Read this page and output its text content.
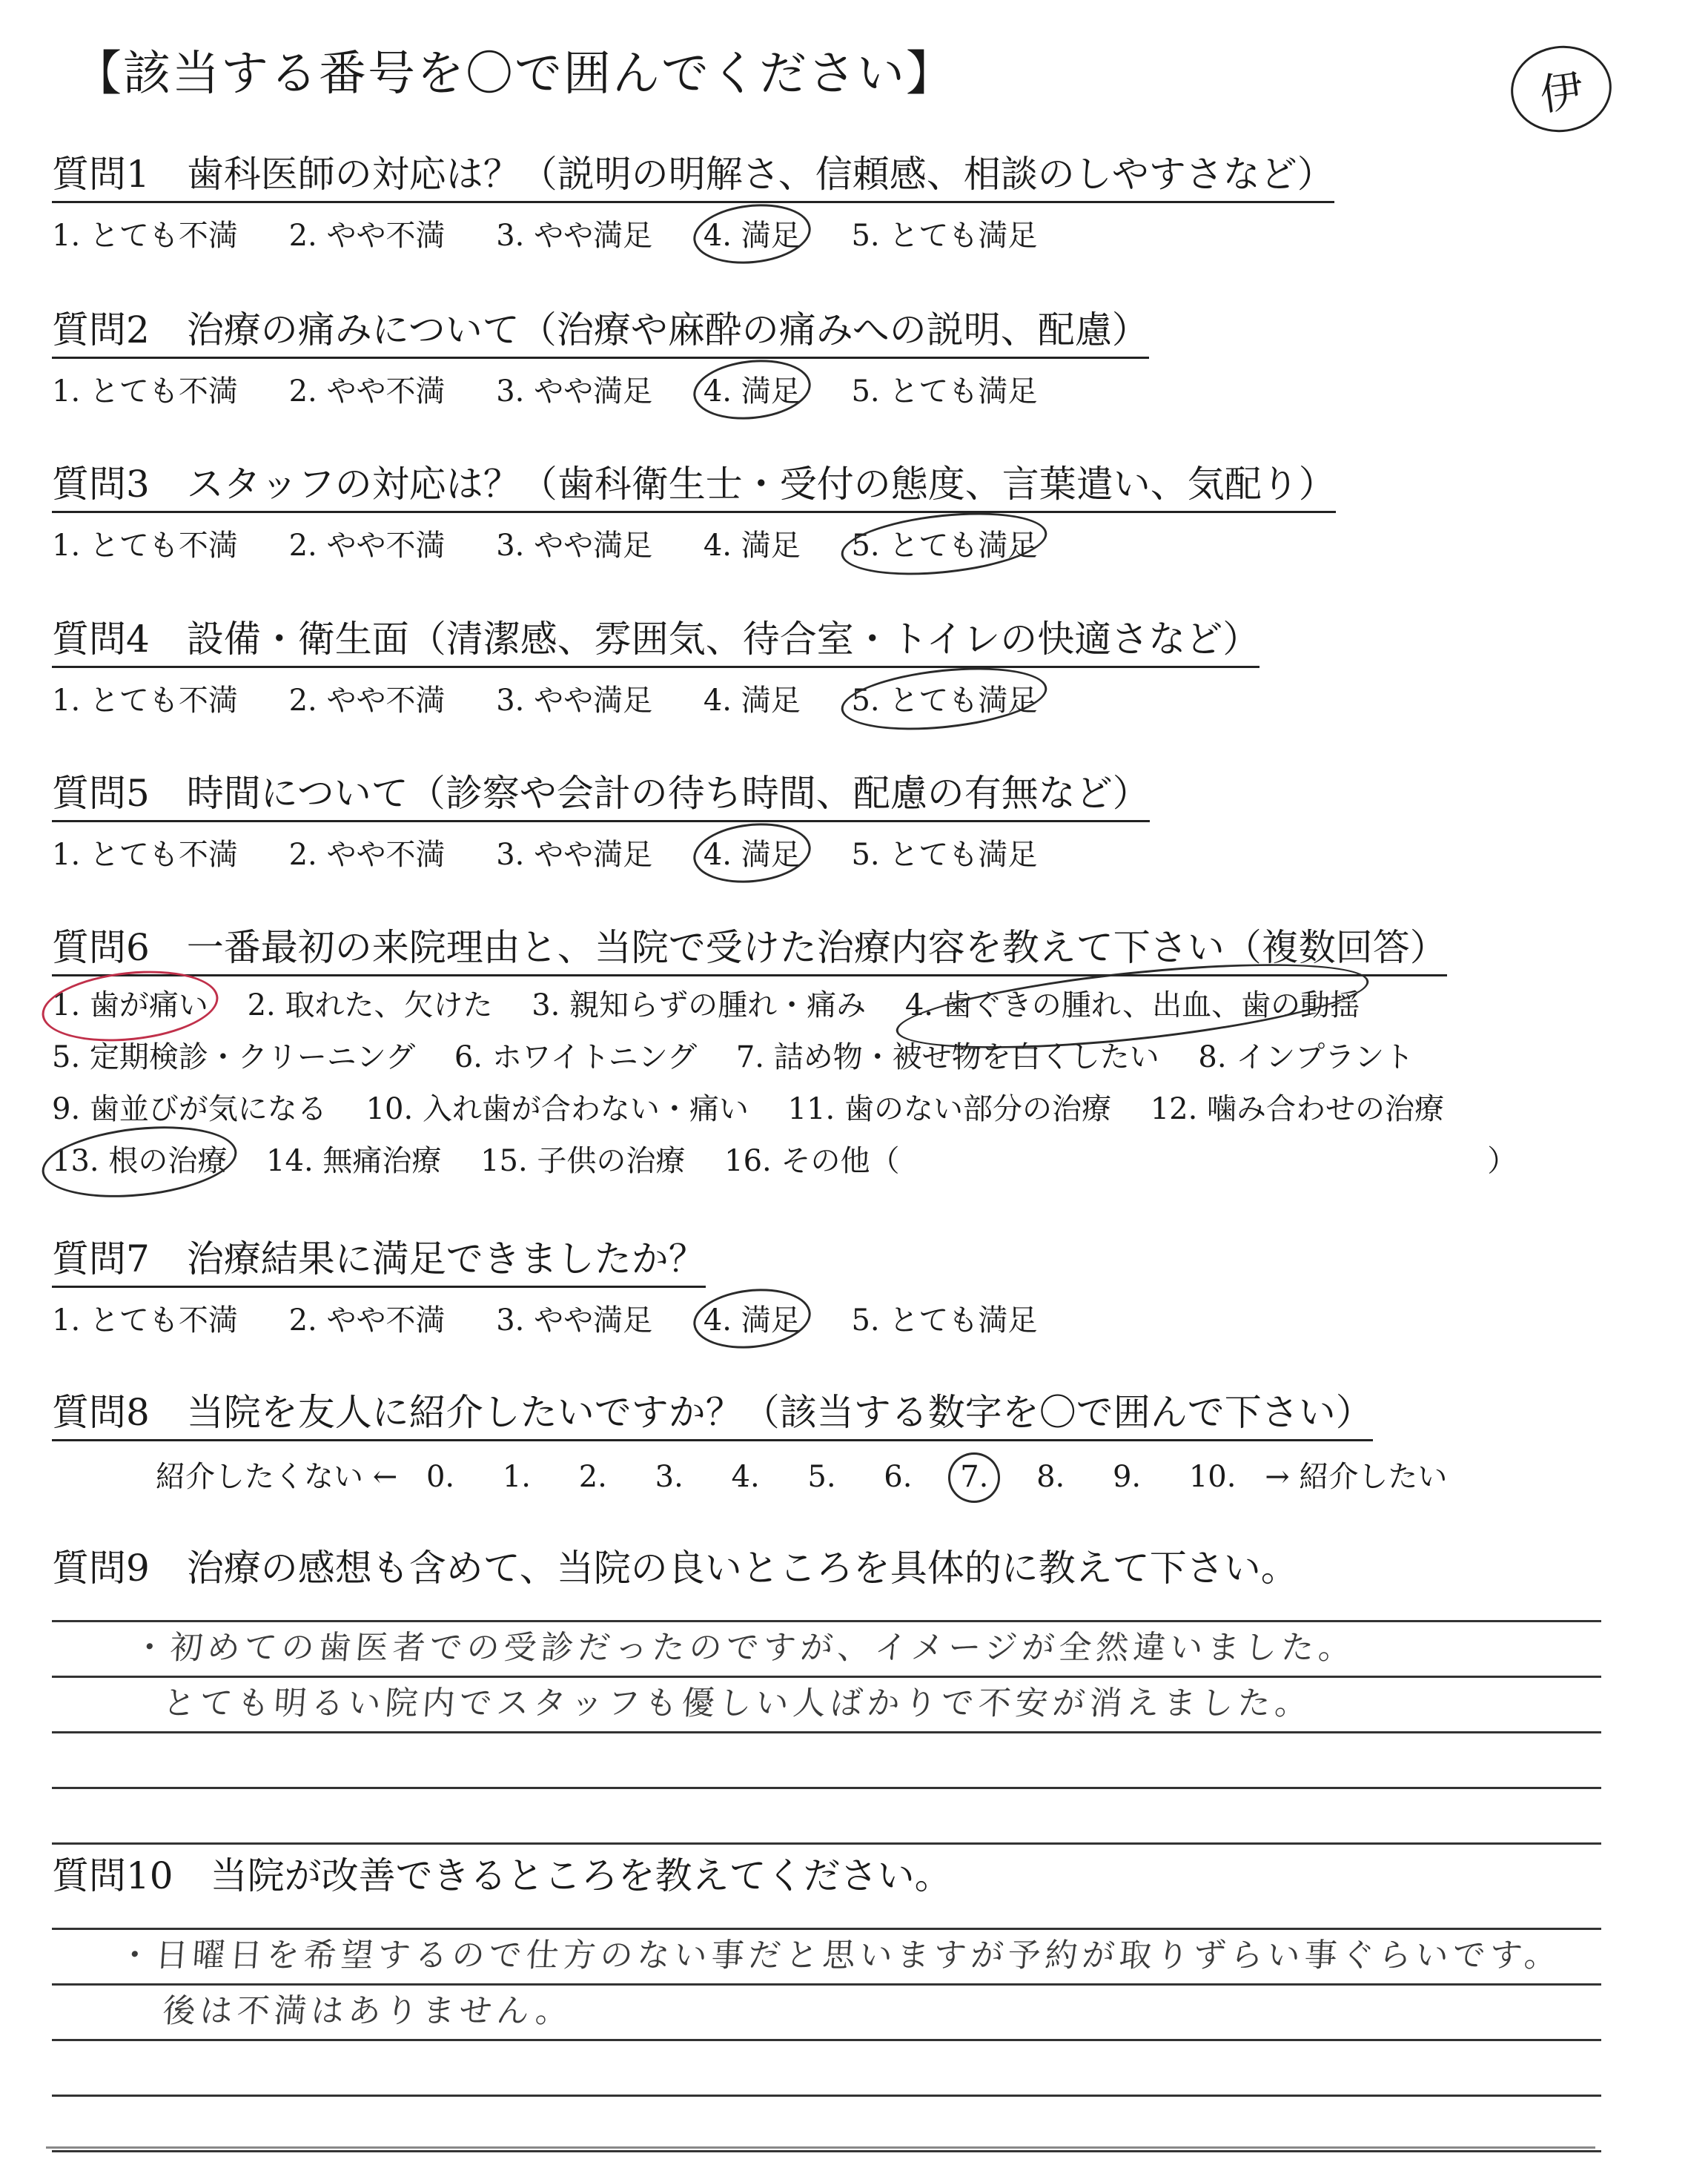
【該当する番号を〇で囲んでください】	伊
質問1　歯科医師の対応は？（説明の明解さ、信頼感、相談のしやすさなど）
1. とても不満 2. やや不満 3. やや満足 4. 満足 5. とても満足
質問2　治療の痛みについて（治療や麻酔の痛みへの説明、配慮）
1. とても不満 2. やや不満 3. やや満足 4. 満足 5. とても満足
質問3　スタッフの対応は？（歯科衛生士・受付の態度、言葉遣い、気配り）
1. とても不満 2. やや不満 3. やや満足 4. 満足 5. とても満足
質問4　設備・衛生面（清潔感、雰囲気、待合室・トイレの快適さなど）
1. とても不満 2. やや不満 3. やや満足 4. 満足 5. とても満足
質問5　時間について（診察や会計の待ち時間、配慮の有無など）
1. とても不満 2. やや不満 3. やや満足 4. 満足 5. とても満足
質問6　一番最初の来院理由と、当院で受けた治療内容を教えて下さい（複数回答）
1. 歯が痛い 2. 取れた、欠けた 3. 親知らずの腫れ・痛み 4. 歯ぐきの腫れ、出血、歯の動揺
5. 定期検診・クリーニング 6. ホワイトニング 7. 詰め物・被せ物を白くしたい 8. インプラント
9. 歯並びが気になる 10. 入れ歯が合わない・痛い 11. 歯のない部分の治療 12. 噛み合わせの治療
13. 根の治療 14. 無痛治療 15. 子供の治療 16. その他（	）
質問7　治療結果に満足できましたか？
1. とても不満 2. やや不満 3. やや満足 4. 満足 5. とても満足
質問8　当院を友人に紹介したいですか？（該当する数字を〇で囲んで下さい）
紹介したくない ← 0. 1. 2. 3. 4. 5. 6. 7. 8. 9. 10. → 紹介したい
質問9　治療の感想も含めて、当院の良いところを具体的に教えて下さい。
・初めての歯医者での受診だったのですが、イメージが全然違いました。
とても明るい院内でスタッフも優しい人ばかりで不安が消えました。
質問10　当院が改善できるところを教えてください。
・日曜日を希望するので仕方のない事だと思いますが予約が取りずらい事ぐらいです。
後は不満はありません。
